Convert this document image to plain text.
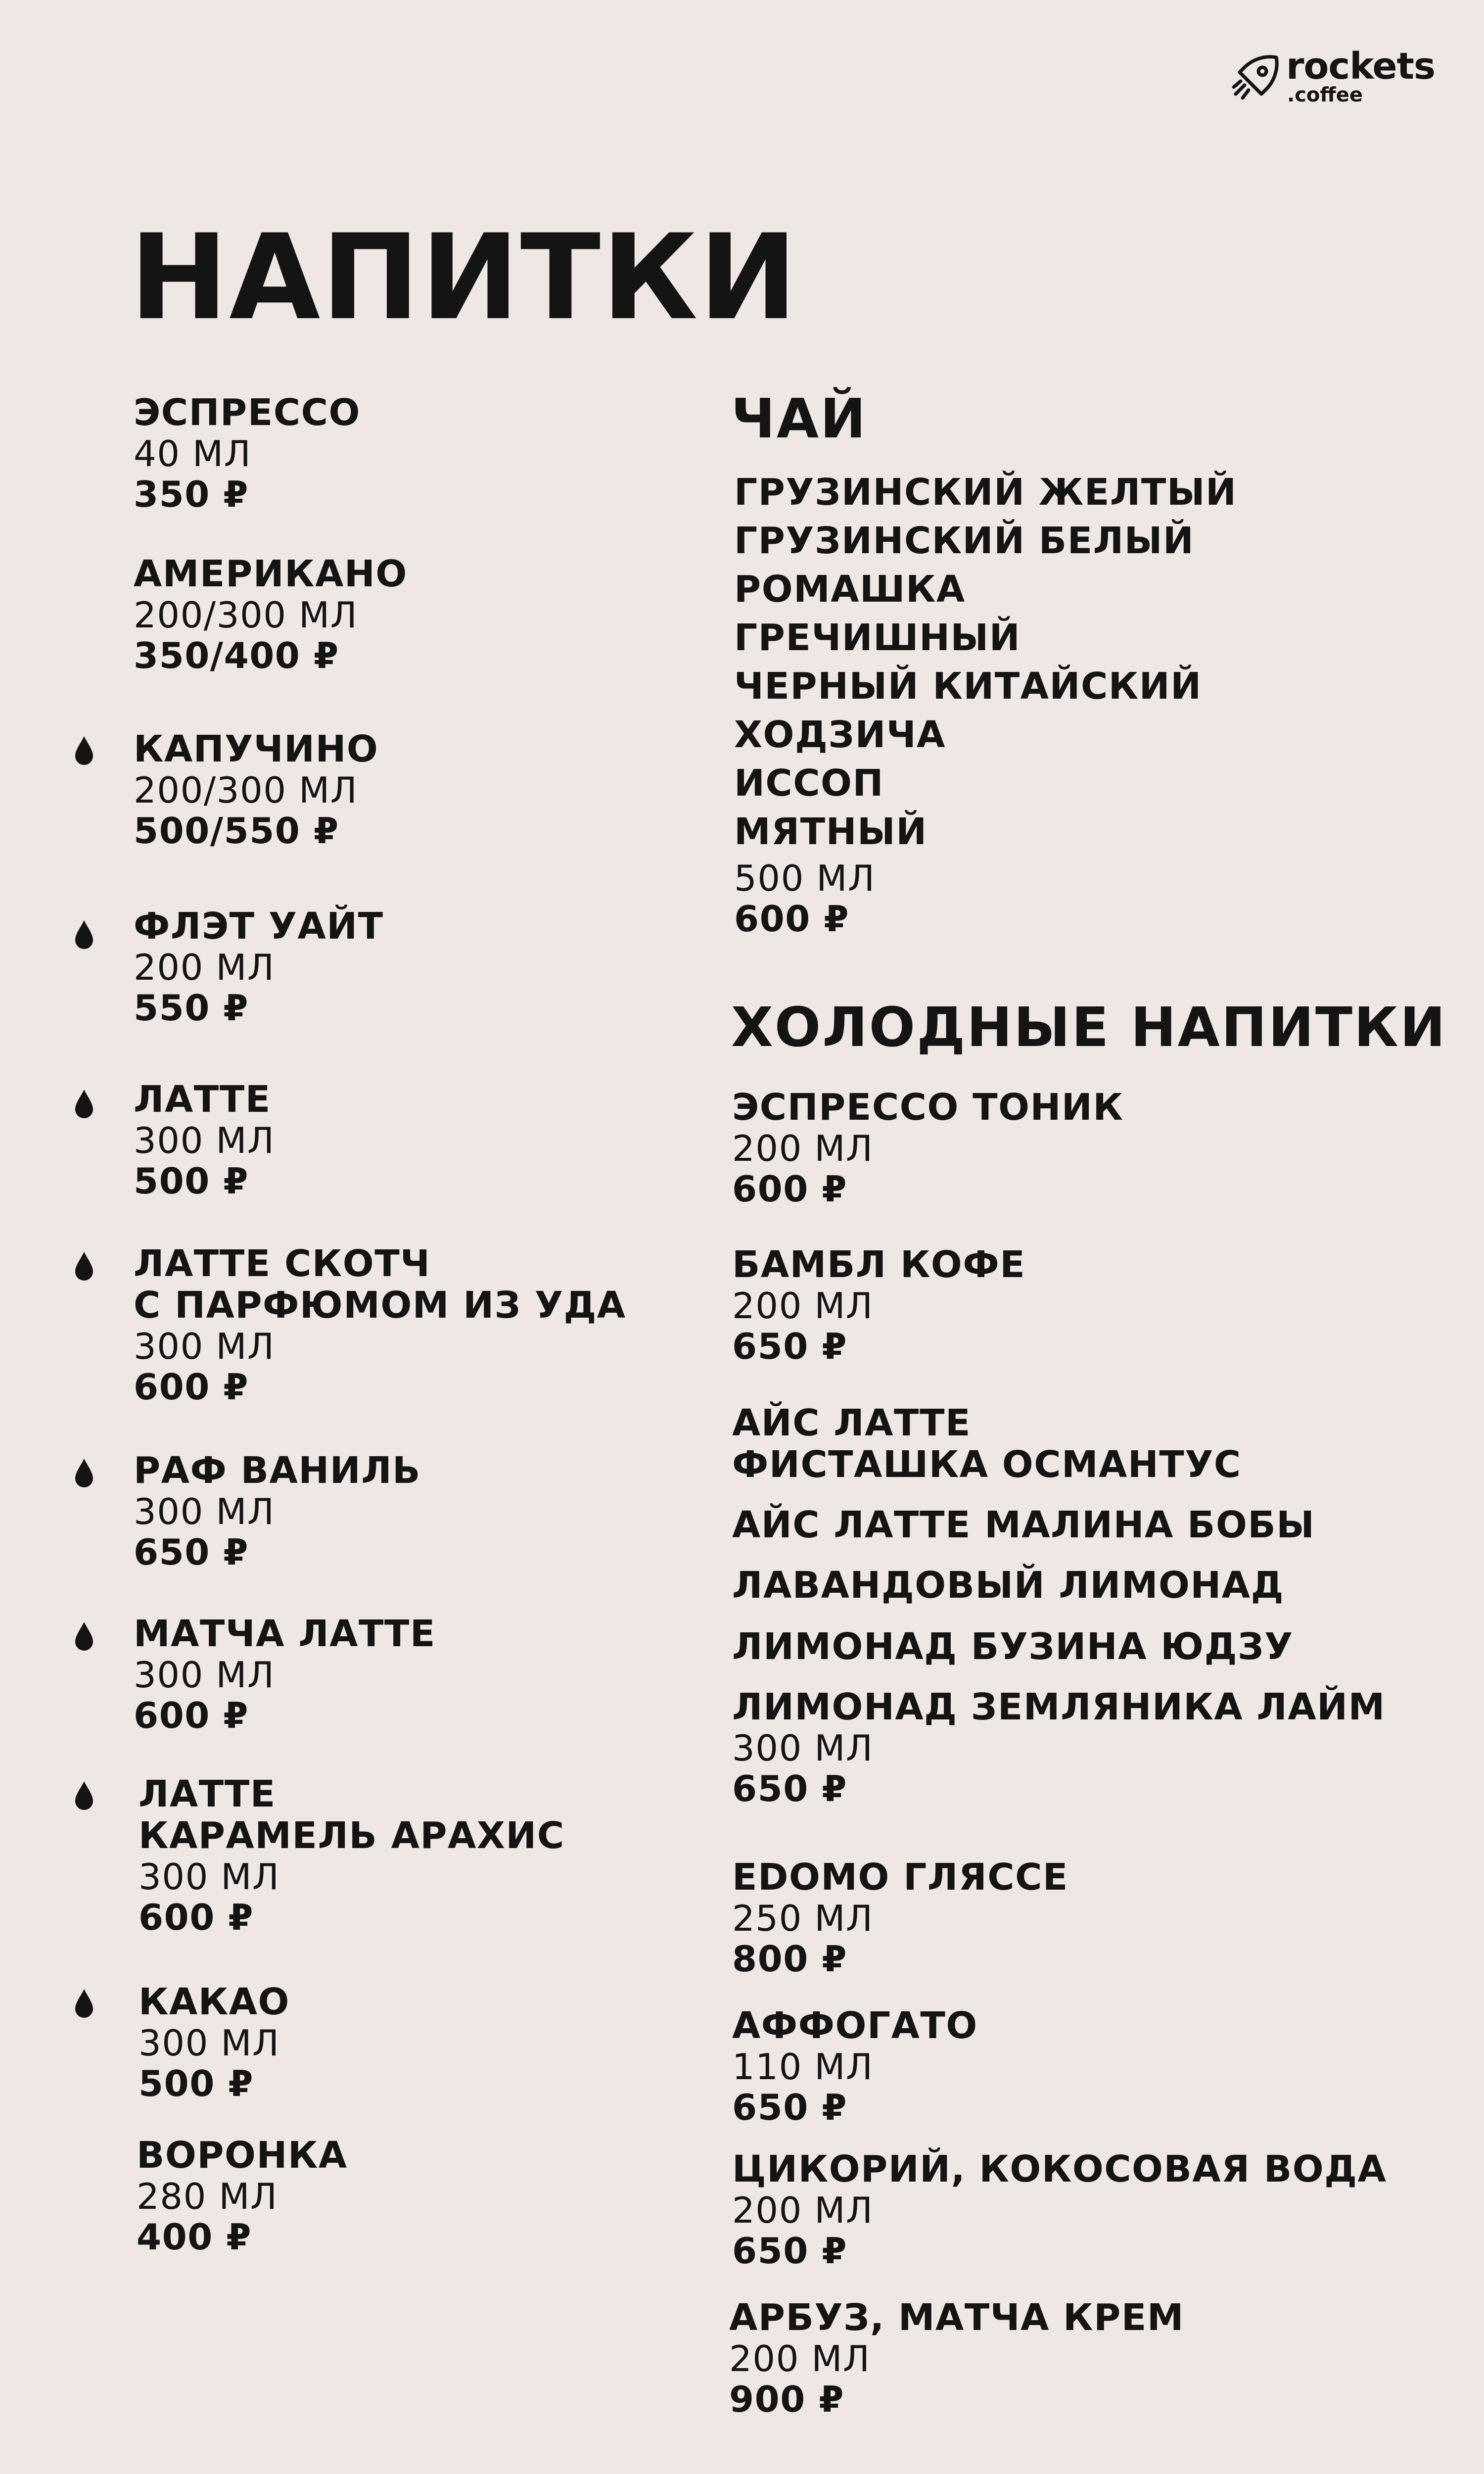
rockets
.coffee
НАПИТКИ
ЭСПРЕССО
40 МЛ
350 ₽
АМЕРИКАНО
200/300 МЛ
350/400 ₽
КАПУЧИНО
200/300 МЛ
500/550 ₽
ФЛЭТ УАЙТ
200 МЛ
550 ₽
ЛАТТЕ
300 МЛ
500 ₽
ЛАТТЕ СКОТЧ
С ПАРФЮМОМ ИЗ УДА
300 МЛ
600 ₽
РАФ ВАНИЛЬ
300 МЛ
650 ₽
МАТЧА ЛАТТЕ
300 МЛ
600 ₽
ЛАТТЕ
КАРАМЕЛЬ АРАХИС
300 МЛ
600 ₽
КАКАО
300 МЛ
500 ₽
ВОРОНКА
280 МЛ
400 ₽
ЧАЙ
ГРУЗИНСКИЙ ЖЕЛТЫЙ
ГРУЗИНСКИЙ БЕЛЫЙ
РОМАШКА
ГРЕЧИШНЫЙ
ЧЕРНЫЙ КИТАЙСКИЙ
ХОДЗИЧА
ИССОП
МЯТНЫЙ
500 МЛ
600 ₽
ХОЛОДНЫЕ НАПИТКИ
ЭСПРЕССО ТОНИК
200 МЛ
600 ₽
БАМБЛ КОФЕ
200 МЛ
650 ₽
АЙС ЛАТТЕ
ФИСТАШКА ОСМАНТУС
АЙС ЛАТТЕ МАЛИНА БОБЫ
ЛАВАНДОВЫЙ ЛИМОНАД
ЛИМОНАД БУЗИНА ЮДЗУ
ЛИМОНАД ЗЕМЛЯНИКА ЛАЙМ
300 МЛ
650 ₽
EDOMO ГЛЯССЕ
250 МЛ
800 ₽
АФФОГАТО
110 МЛ
650 ₽
ЦИКОРИЙ, КОКОСОВАЯ ВОДА
200 МЛ
650 ₽
АРБУЗ, МАТЧА КРЕМ
200 МЛ
900 ₽
